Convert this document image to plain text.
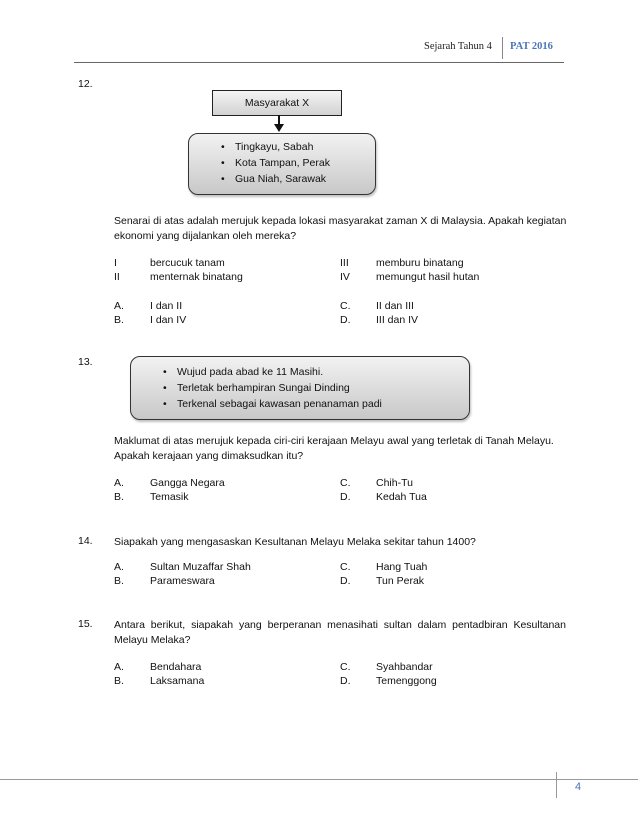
Sejarah Tahun 4 PAT 2016
12.
Masyarakat X
• Tingkayu, Sabah
• Kota Tampan, Perak
• Gua Niah, Sarawak
Senarai di atas adalah merujuk kepada lokasi masyarakat zaman X di Malaysia. Apakah kegiatan
ekonomi yang dijalankan oleh mereka?
I	bercucuk tanam	III	memburu binatang
II	menternak binatang	IV memungut hasil hutan
A. I dan II	C. II dan III
B. I dan IV	D. III dan IV
13.
• Wujud pada abad ke 11 Masihi.
• Terletak berhampiran Sungai Dinding
• Terkenal sebagai kawasan penanaman padi
Maklumat di atas merujuk kepada ciri-ciri kerajaan Melayu awal yang terletak di Tanah Melayu.
Apakah kerajaan yang dimaksudkan itu?
A. Gangga Negara	C. Chih-Tu
B. Temasik	D. Kedah Tua
14. Siapakah yang mengasaskan Kesultanan Melayu Melaka sekitar tahun 1400?
A. Sultan Muzaffar Shah	C. Hang Tuah
B. Parameswara	D. Tun Perak
15. Antara berikut, siapakah yang berperanan menasihati sultan dalam pentadbiran Kesultanan
Melayu Melaka?
A. Bendahara	C. Syahbandar
B. Laksamana	D. Temenggong
4
